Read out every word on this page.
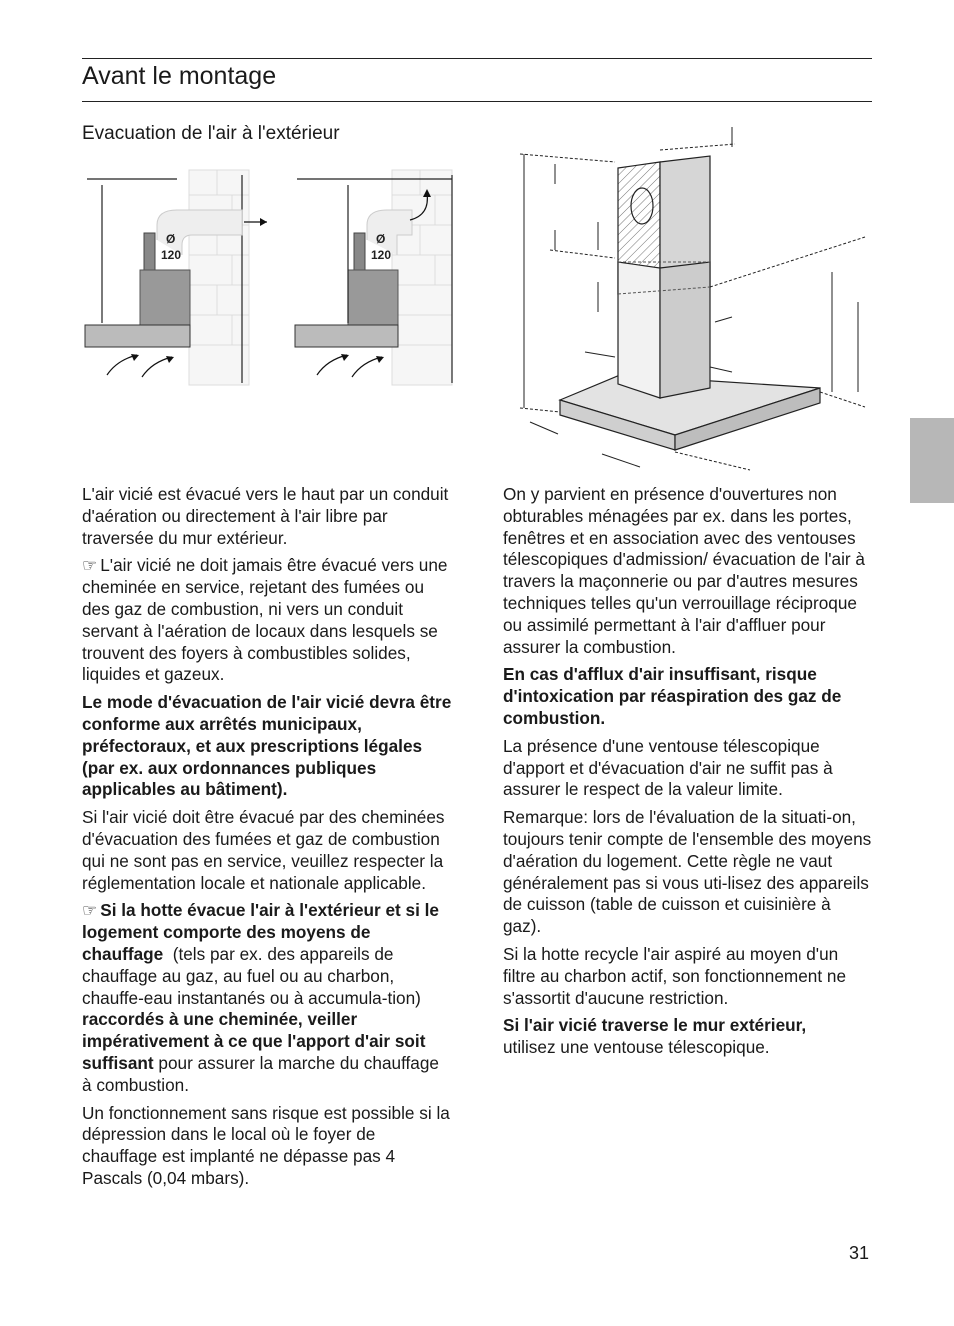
Avant le montage
Evacuation de l'air à l'extérieur
Ø
120
Ø
120

L'air vicié est évacué vers le haut par un conduit d'aération ou directement à l'air libre par traversée du mur extérieur.

☞ L'air vicié ne doit jamais être évacué vers une cheminée en service, rejetant des fumées ou des gaz de combustion, ni vers un conduit servant à l'aération de locaux dans lesquels se trouvent des foyers à combustibles solides, liquides et gazeux.

Le mode d'évacuation de l'air vicié devra être conforme aux arrêtés municipaux, préfectoraux, et aux prescriptions légales (par ex. aux ordonnances publiques applicables au bâtiment).

Si l'air vicié doit être évacué par des cheminées d'évacuation des fumées et gaz de combustion qui ne sont pas en service, veuillez respecter la réglementation locale et nationale applicable.

☞ Si la hotte évacue l'air à l'extérieur et si le logement comporte des moyens de chauffage (tels par ex. des appareils de chauffage au gaz, au fuel ou au charbon, chauffe-eau instantanés ou à accumula-tion) raccordés à une cheminée, veiller impérativement à ce que l'apport d'air soit suffisant pour assurer la marche du chauffage à combustion.

Un fonctionnement sans risque est possible si la dépression dans le local où le foyer de chauffage est implanté ne dépasse pas 4 Pascals (0,04 mbars).

On y parvient en présence d'ouvertures non obturables ménagées par ex. dans les portes, fenêtres et en association avec des ventouses télescopiques d'admission/ évacuation de l'air à travers la maçonnerie ou par d'autres mesures techniques telles qu'un verrouillage réciproque ou assimilé permettant à l'air d'affluer pour assurer la combustion.

En cas d'afflux d'air insuffisant, risque d'intoxication par réaspiration des gaz de combustion.

La présence d'une ventouse télescopique d'apport et d'évacuation d'air ne suffit pas à assurer le respect de la valeur limite.

Remarque: lors de l'évaluation de la situati-on, toujours tenir compte de l'ensemble des moyens d'aération du logement. Cette règle ne vaut généralement pas si vous uti-lisez des appareils de cuisson (table de cuisson et cuisinière à gaz).

Si la hotte recycle l'air aspiré au moyen d'un filtre au charbon actif, son fonctionnement ne s'assortit d'aucune restriction.

Si l'air vicié traverse le mur extérieur,
utilisez une ventouse télescopique.

31
